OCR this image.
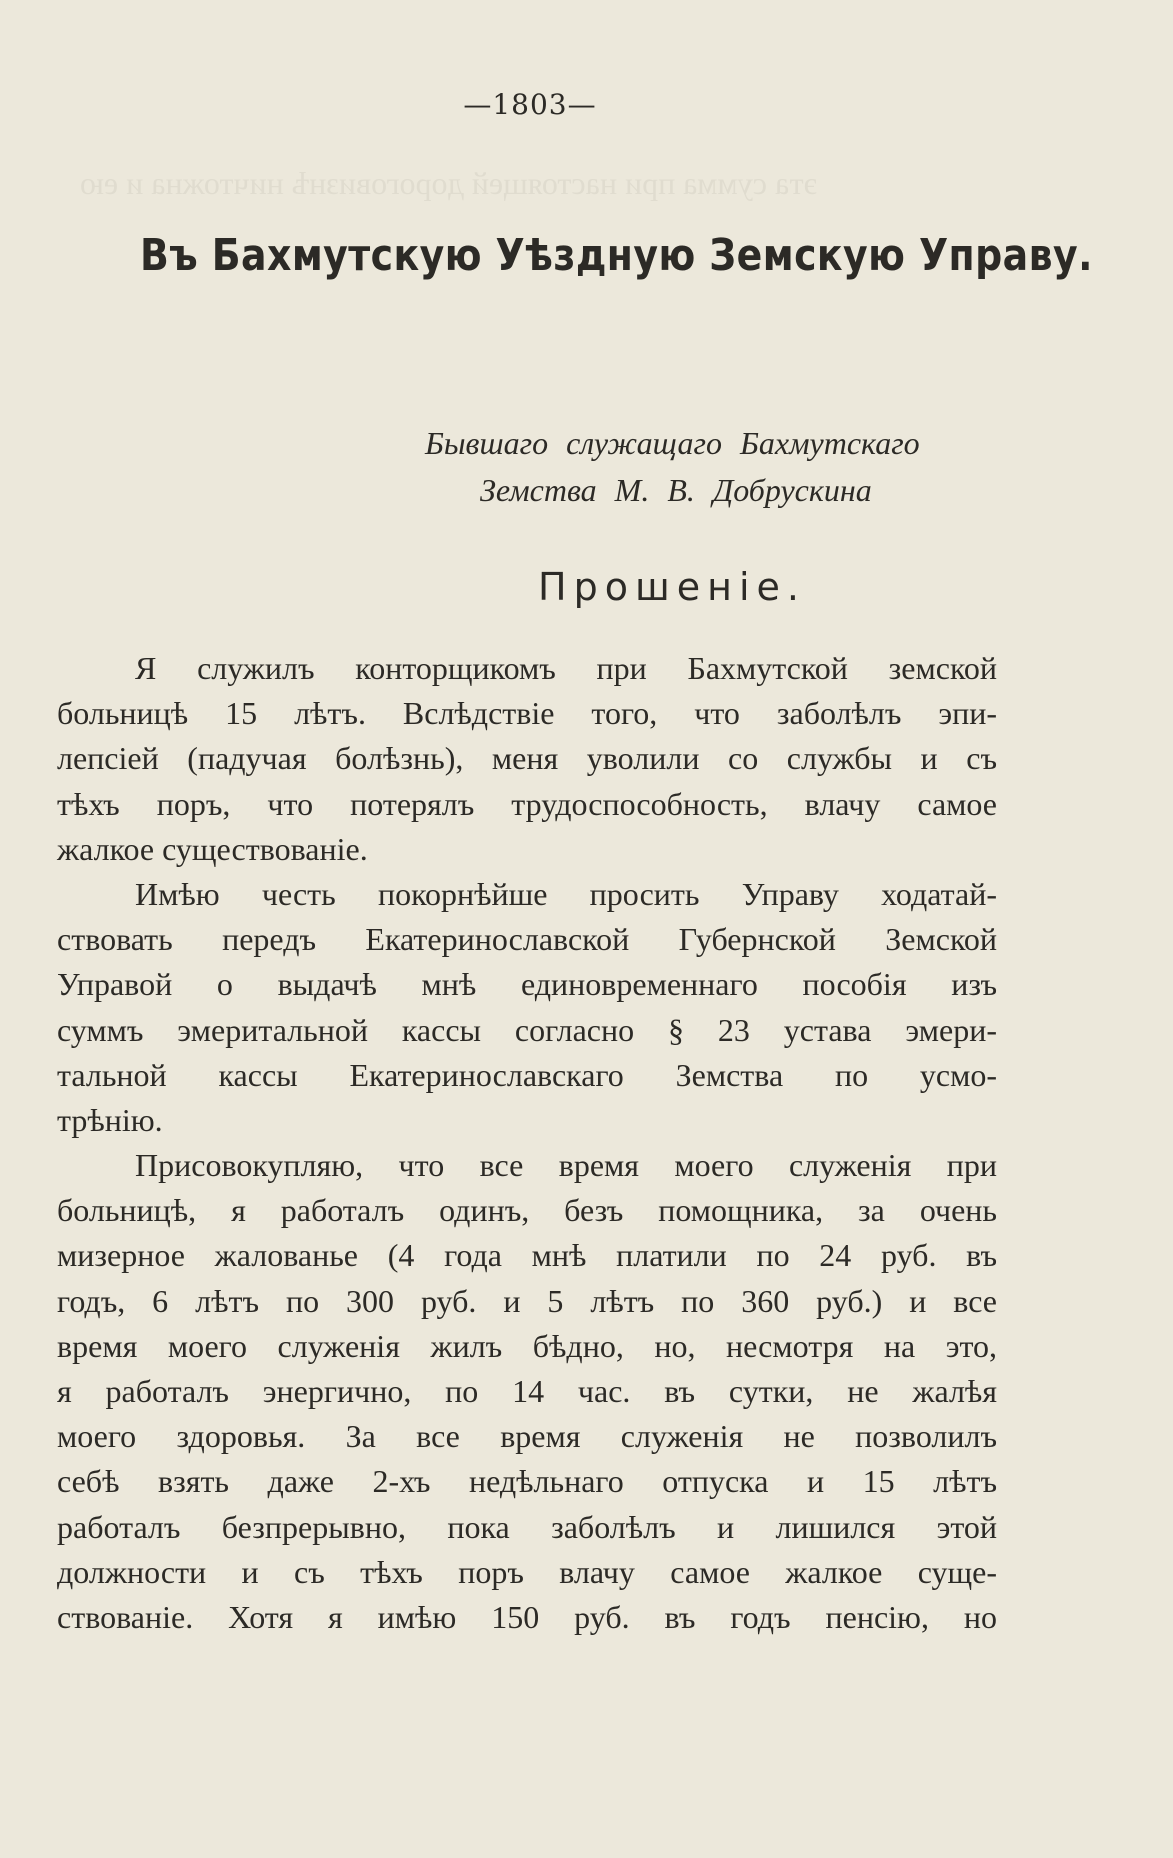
эта сумма при настоящей дороговизнѣ ничтожна и ею
—1803—
Въ Бахмутскую Уѣздную Земскую Управу.
Бывшаго служащаго Бахмутскаго
Земства М. В. Добрускина
Прошеніе.
Я служилъ конторщикомъ при Бахмутской земской
больницѣ 15 лѣтъ. Вслѣдствіе того, что заболѣлъ эпи-
лепсіей (падучая болѣзнь), меня уволили со службы и съ
тѣхъ поръ, что потерялъ трудоспособность, влачу самое
жалкое существованіе.
Имѣю честь покорнѣйше просить Управу ходатай-
ствовать передъ Екатеринославской Губернской Земской
Управой о выдачѣ мнѣ единовременнаго пособія изъ
суммъ эмеритальной кассы согласно § 23 устава эмери-
тальной кассы Екатеринославскаго Земства по усмо-
трѣнію.
Присовокупляю, что все время моего служенія при
больницѣ, я работалъ одинъ, безъ помощника, за очень
мизерное жалованье (4 года мнѣ платили по 24 руб. въ
годъ, 6 лѣтъ по 300 руб. и 5 лѣтъ по 360 руб.) и все
время моего служенія жилъ бѣдно, но, несмотря на это,
я работалъ энергично, по 14 час. въ сутки, не жалѣя
моего здоровья. За все время служенія не позволилъ
себѣ взять даже 2-хъ недѣльнаго отпуска и 15 лѣтъ
работалъ безпрерывно, пока заболѣлъ и лишился этой
должности и съ тѣхъ поръ влачу самое жалкое суще-
ствованіе. Хотя я имѣю 150 руб. въ годъ пенсію, но
